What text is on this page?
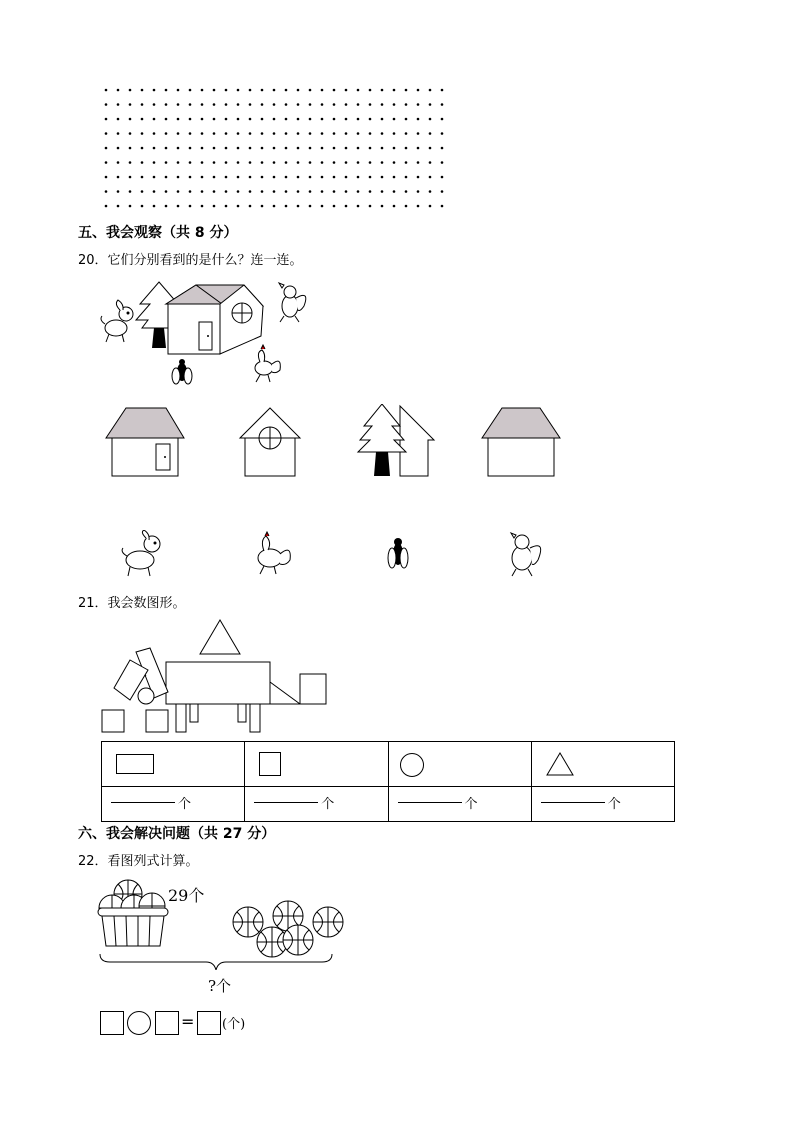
五、我会观察（共 8 分）
20．它们分别看到的是什么？连一连。
21．我会数图形。

个	个	个	个
六、我会解决问题（共 27 分）
22．看图列式计算。
29个
?个
= (个)
